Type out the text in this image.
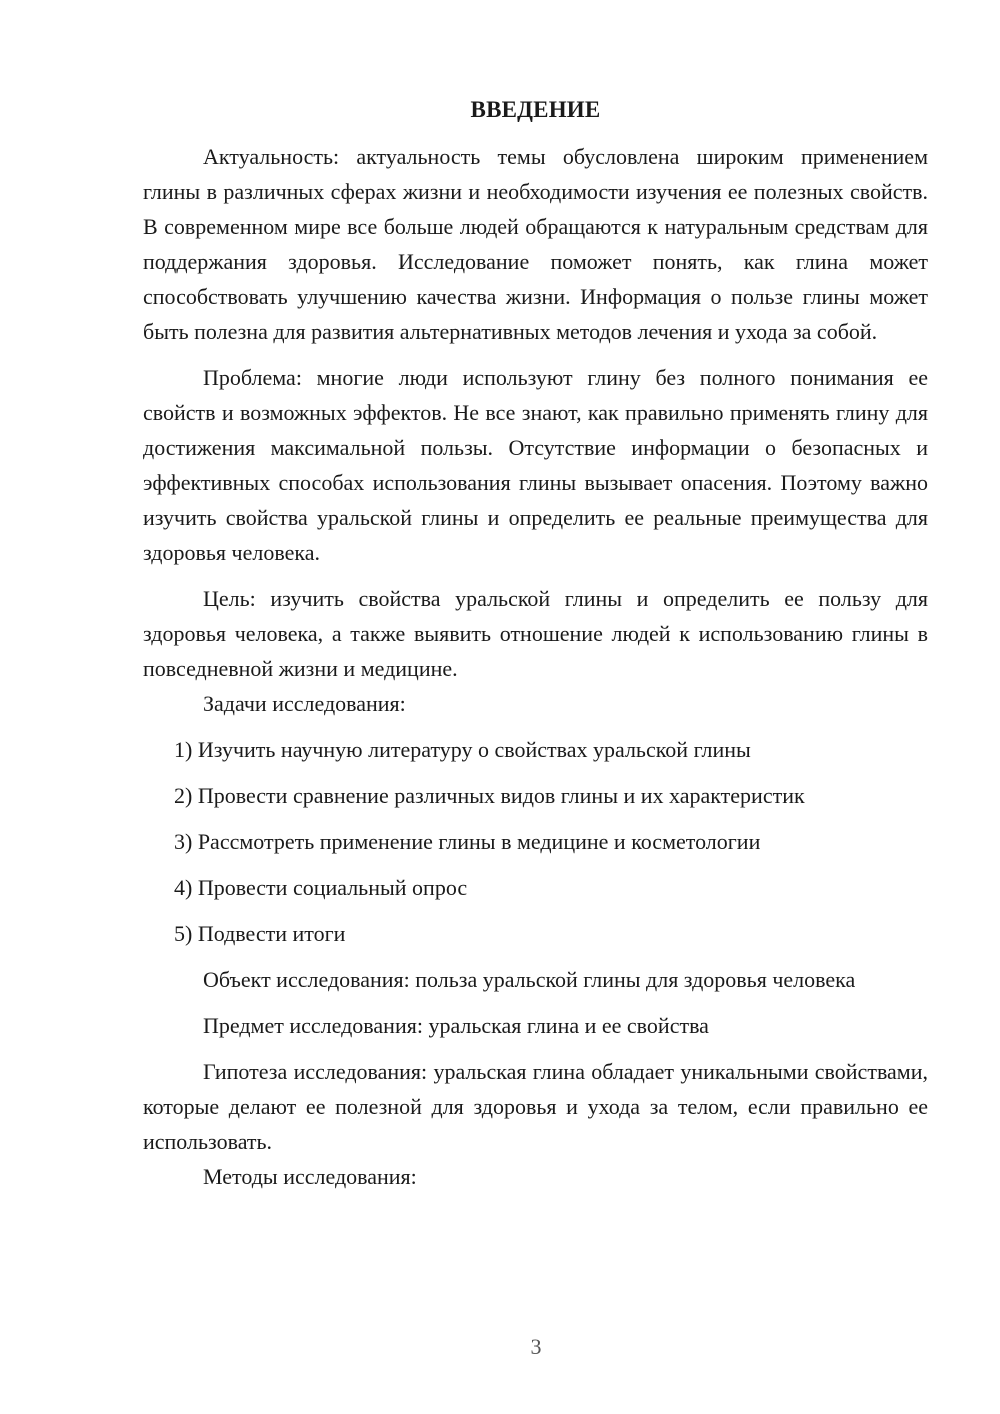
ВВЕДЕНИЕ

Актуальность: актуальность темы обусловлена широким применением глины в различных сферах жизни и необходимости изучения ее полезных свойств. В современном мире все больше людей обращаются к натуральным средствам для поддержания здоровья. Исследование поможет понять, как глина может способствовать улучшению качества жизни. Информация о пользе глины может быть полезна для развития альтернативных методов лечения и ухода за собой.

Проблема: многие люди используют глину без полного понимания ее свойств и возможных эффектов. Не все знают, как правильно применять глину для достижения максимальной пользы. Отсутствие информации о безопасных и эффективных способах использования глины вызывает опасения. Поэтому важно изучить свойства уральской глины и определить ее реальные преимущества для здоровья человека.

Цель: изучить свойства уральской глины и определить ее пользу для здоровья человека, а также выявить отношение людей к использованию глины в повседневной жизни и медицине.

Задачи исследования:

1) Изучить научную литературу о свойствах уральской глины

2) Провести сравнение различных видов глины и их характеристик

3) Рассмотреть применение глины в медицине и косметологии

4) Провести социальный опрос

5) Подвести итоги

Объект исследования: польза уральской глины для здоровья человека

Предмет исследования: уральская глина и ее свойства

Гипотеза исследования: уральская глина обладает уникальными свойствами, которые делают ее полезной для здоровья и ухода за телом, если правильно ее использовать.

Методы исследования:

3
